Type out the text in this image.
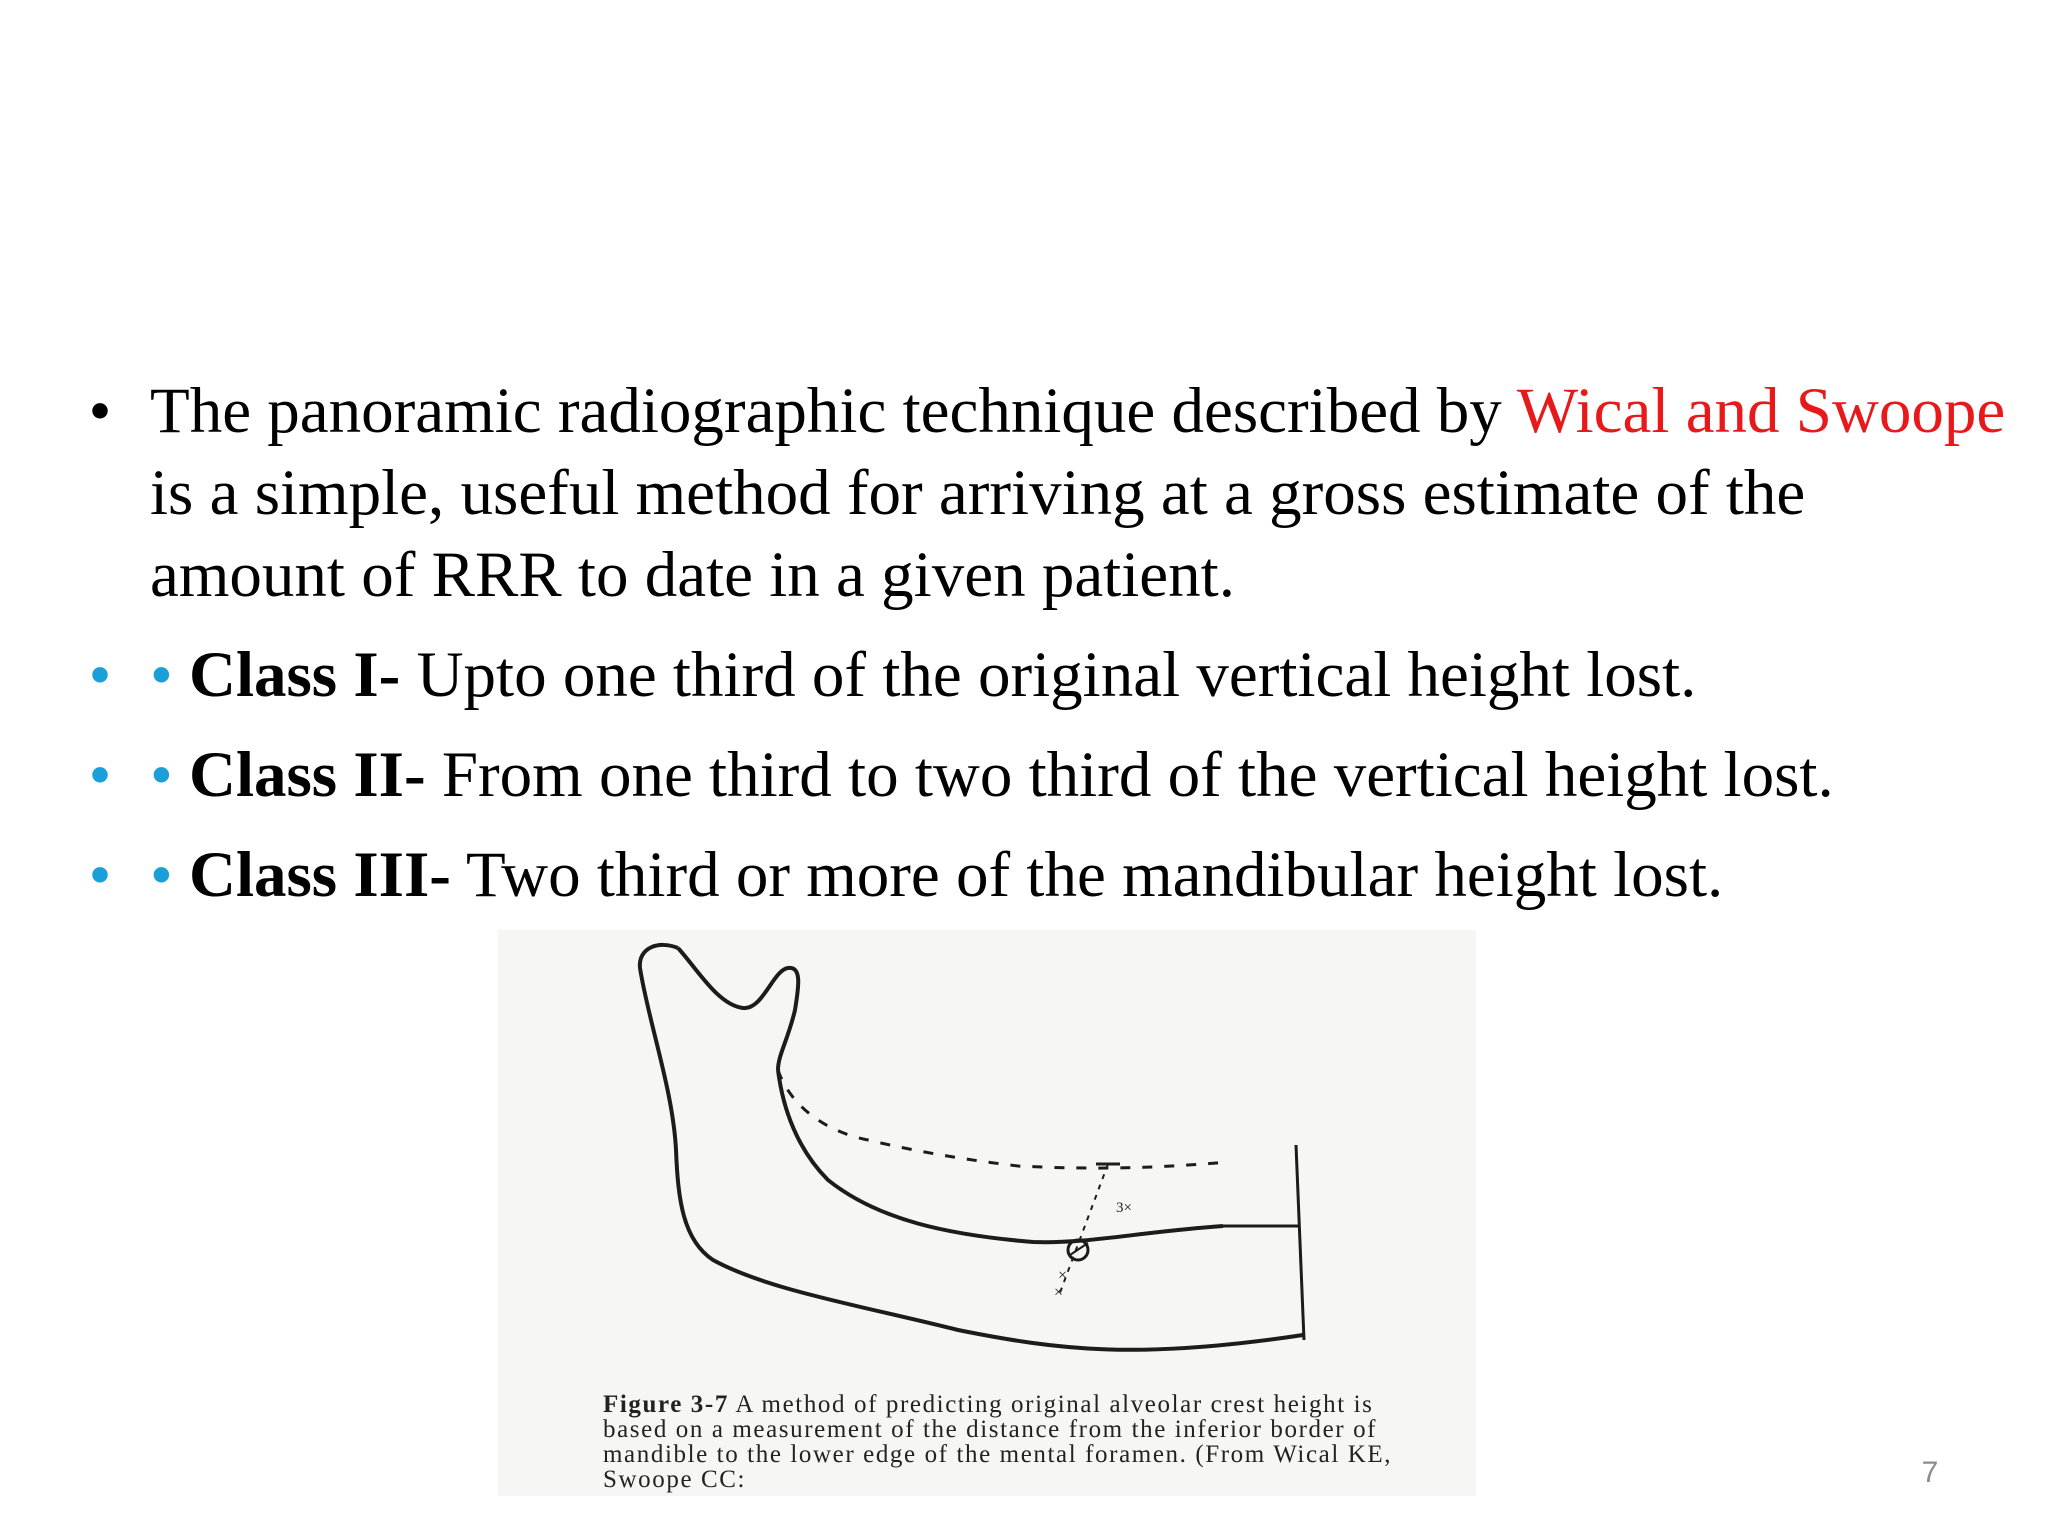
• The panoramic radiographic technique described by Wical and Swoope is a simple, useful method for arriving at a gross estimate of the amount of RRR to date in a given patient.

• • Class I- Upto one third of the original vertical height lost.

• • Class II- From one third to two third of the vertical height lost.

• • Class III- Two third or more of the mandibular height lost.

3×
×
×
Figure 3-7 A method of predicting original alveolar crest height is based on a measurement of the distance from the inferior border of mandible to the lower edge of the mental foramen. (From Wical KE, Swoope CC:	7
